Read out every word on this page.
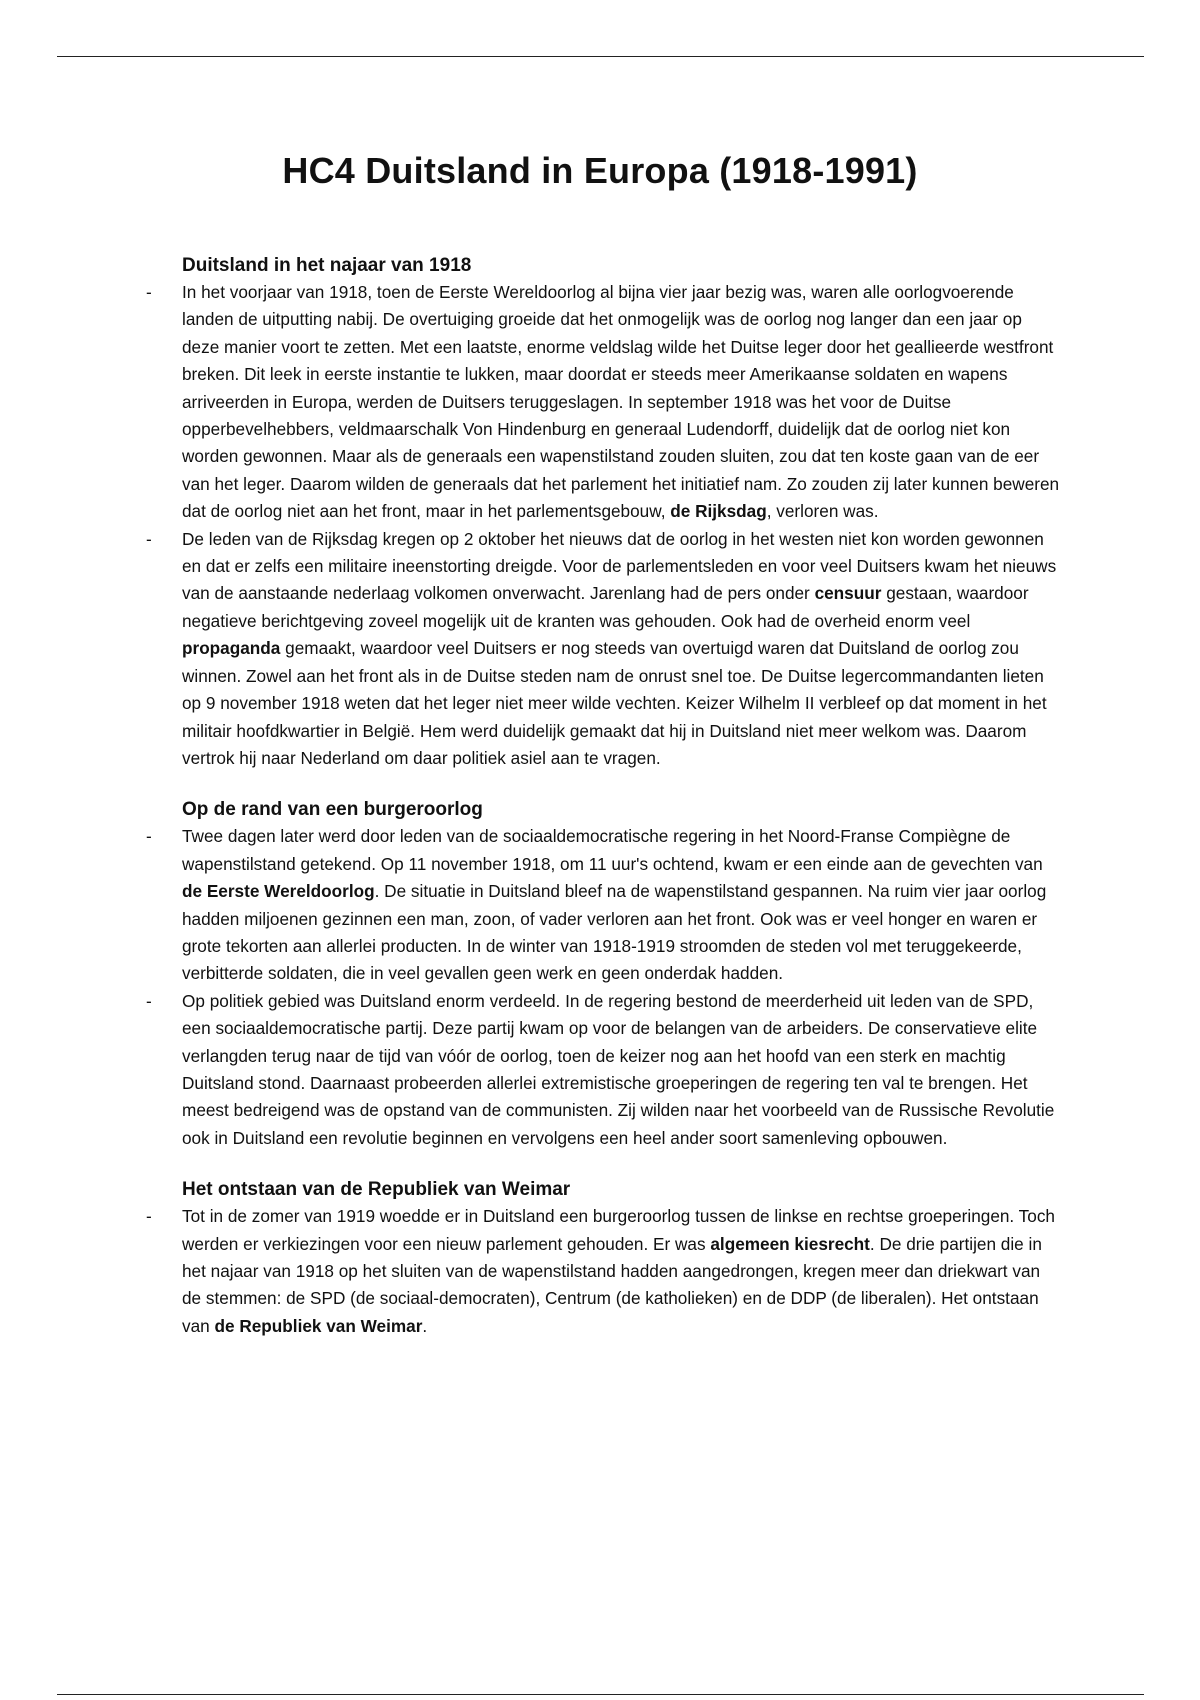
HC4 Duitsland in Europa (1918-1991)
Duitsland in het najaar van 1918

- In het voorjaar van 1918, toen de Eerste Wereldoorlog al bijna vier jaar bezig was, waren alle oorlogvoerende landen de uitputting nabij. De overtuiging groeide dat het onmogelijk was de oorlog nog langer dan een jaar op deze manier voort te zetten. Met een laatste, enorme veldslag wilde het Duitse leger door het geallieerde westfront breken. Dit leek in eerste instantie te lukken, maar doordat er steeds meer Amerikaanse soldaten en wapens arriveerden in Europa, werden de Duitsers teruggeslagen. In september 1918 was het voor de Duitse opperbevelhebbers, veldmaarschalk Von Hindenburg en generaal Ludendorff, duidelijk dat de oorlog niet kon worden gewonnen. Maar als de generaals een wapenstilstand zouden sluiten, zou dat ten koste gaan van de eer van het leger. Daarom wilden de generaals dat het parlement het initiatief nam. Zo zouden zij later kunnen beweren dat de oorlog niet aan het front, maar in het parlementsgebouw, de Rijksdag, verloren was.

- De leden van de Rijksdag kregen op 2 oktober het nieuws dat de oorlog in het westen niet kon worden gewonnen en dat er zelfs een militaire ineenstorting dreigde. Voor de parlementsleden en voor veel Duitsers kwam het nieuws van de aanstaande nederlaag volkomen onverwacht. Jarenlang had de pers onder censuur gestaan, waardoor negatieve berichtgeving zoveel mogelijk uit de kranten was gehouden. Ook had de overheid enorm veel propaganda gemaakt, waardoor veel Duitsers er nog steeds van overtuigd waren dat Duitsland de oorlog zou winnen. Zowel aan het front als in de Duitse steden nam de onrust snel toe. De Duitse legercommandanten lieten op 9 november 1918 weten dat het leger niet meer wilde vechten. Keizer Wilhelm II verbleef op dat moment in het militair hoofdkwartier in België. Hem werd duidelijk gemaakt dat hij in Duitsland niet meer welkom was. Daarom vertrok hij naar Nederland om daar politiek asiel aan te vragen.

Op de rand van een burgeroorlog

- Twee dagen later werd door leden van de sociaaldemocratische regering in het Noord-Franse Compiègne de wapenstilstand getekend. Op 11 november 1918, om 11 uur's ochtend, kwam er een einde aan de gevechten van de Eerste Wereldoorlog. De situatie in Duitsland bleef na de wapenstilstand gespannen. Na ruim vier jaar oorlog hadden miljoenen gezinnen een man, zoon, of vader verloren aan het front. Ook was er veel honger en waren er grote tekorten aan allerlei producten. In de winter van 1918-1919 stroomden de steden vol met teruggekeerde, verbitterde soldaten, die in veel gevallen geen werk en geen onderdak hadden.

- Op politiek gebied was Duitsland enorm verdeeld. In de regering bestond de meerderheid uit leden van de SPD, een sociaaldemocratische partij. Deze partij kwam op voor de belangen van de arbeiders. De conservatieve elite verlangden terug naar de tijd van vóór de oorlog, toen de keizer nog aan het hoofd van een sterk en machtig Duitsland stond. Daarnaast probeerden allerlei extremistische groeperingen de regering ten val te brengen. Het meest bedreigend was de opstand van de communisten. Zij wilden naar het voorbeeld van de Russische Revolutie ook in Duitsland een revolutie beginnen en vervolgens een heel ander soort samenleving opbouwen.

Het ontstaan van de Republiek van Weimar

- Tot in de zomer van 1919 woedde er in Duitsland een burgeroorlog tussen de linkse en rechtse groeperingen. Toch werden er verkiezingen voor een nieuw parlement gehouden. Er was algemeen kiesrecht. De drie partijen die in het najaar van 1918 op het sluiten van de wapenstilstand hadden aangedrongen, kregen meer dan driekwart van de stemmen: de SPD (de sociaal-democraten), Centrum (de katholieken) en de DDP (de liberalen). Het ontstaan van de Republiek van Weimar.
